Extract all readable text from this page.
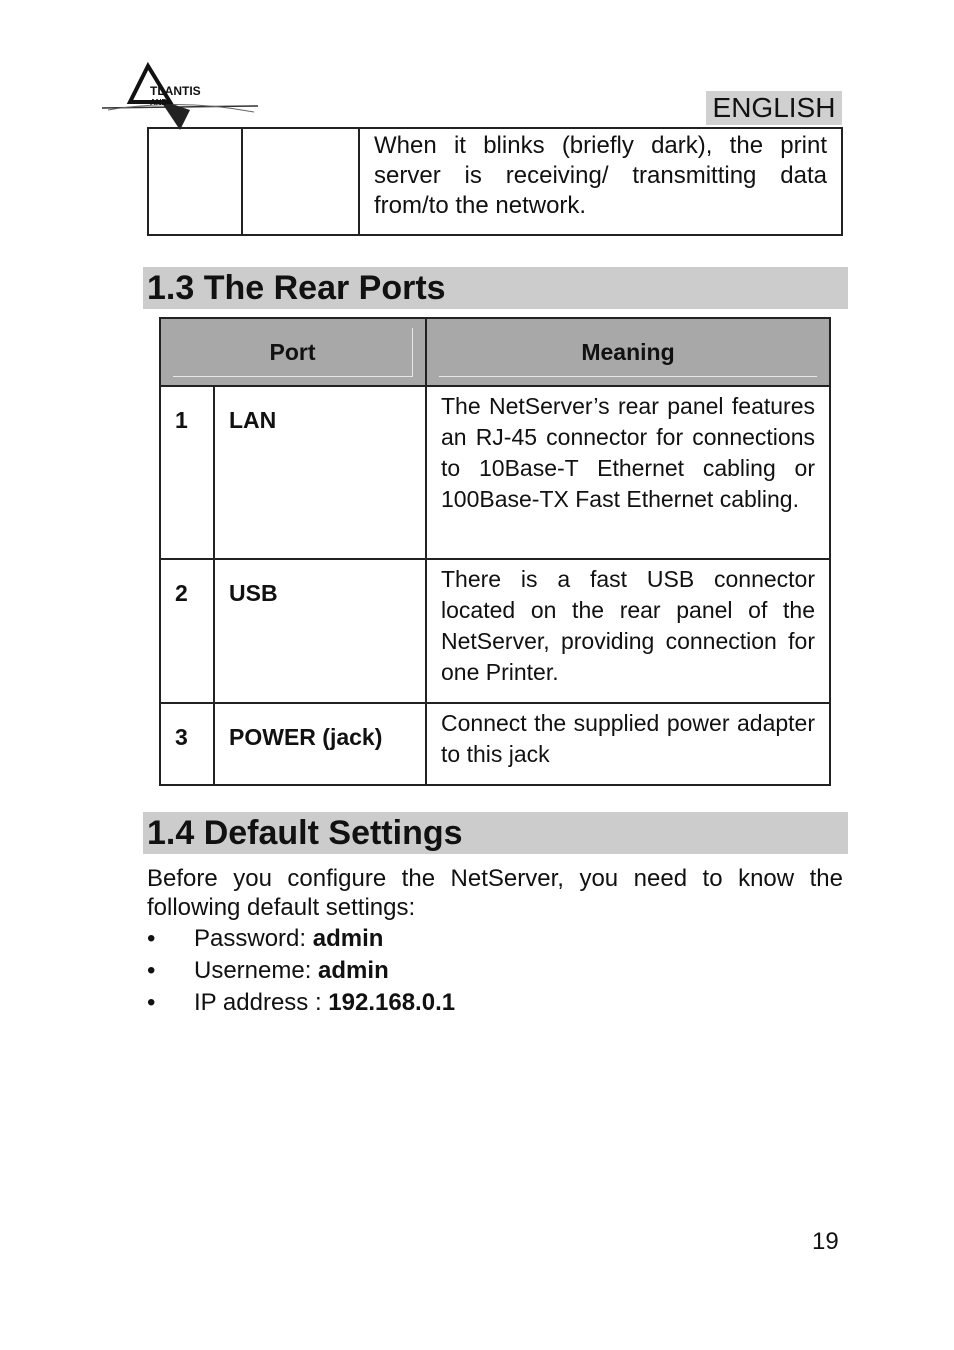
TLANTIS
AND	ENGLISH
		When it blinks (briefly dark), the print server is receiving/ transmitting data from/to the network.
1.3 The Rear Ports
Port		Meaning

1	LAN	The NetServer’s rear panel features an RJ-45 connector for connections to 10Base-T Ethernet cabling or 100Base-TX Fast Ethernet cabling.
2	USB	There is a fast USB connector located on the rear panel of the NetServer, providing connection for one Printer.
3	POWER (jack)	Connect the supplied power adapter to this jack
1.4 Default Settings

Before you configure the NetServer, you need to know the following default settings:

• Password: admin
• Userneme: admin
• IP address : 192.168.0.1
19
